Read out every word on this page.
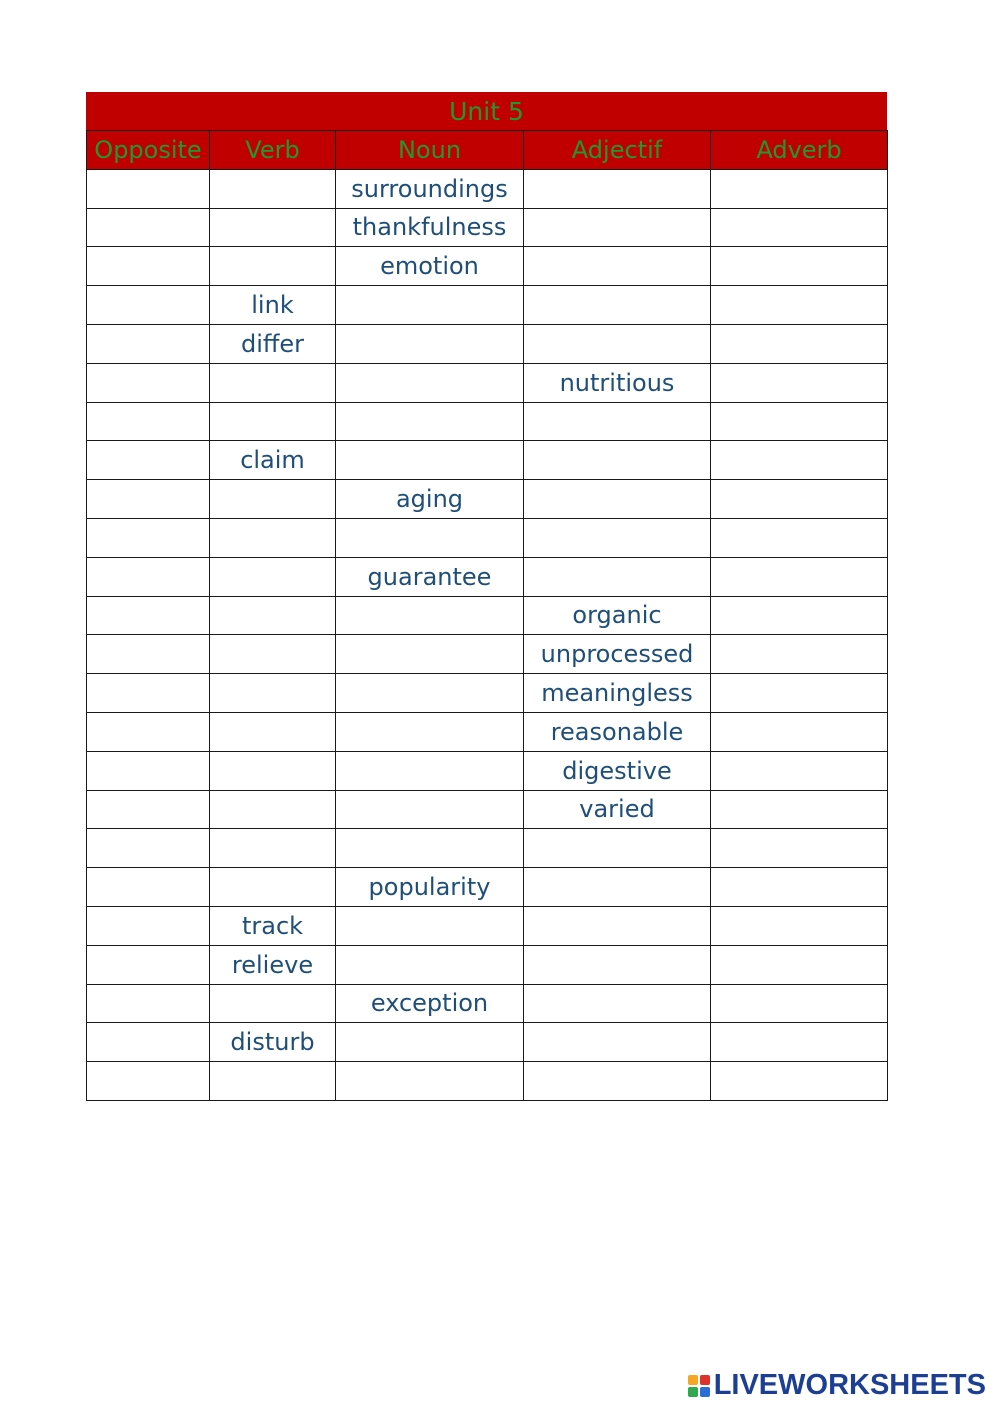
Unit 5
Opposite	Verb	Noun	Adjectif	Adverb
		surroundings		
		thankfulness		
		emotion		
	link			
	differ			
			nutritious	

	claim			
		aging		

		guarantee		
			organic	
			unprocessed	
			meaningless	
			reasonable	
			digestive	
			varied	

		popularity		
	track			
	relieve			
		exception		
	disturb			

LIVEWORKSHEETS
